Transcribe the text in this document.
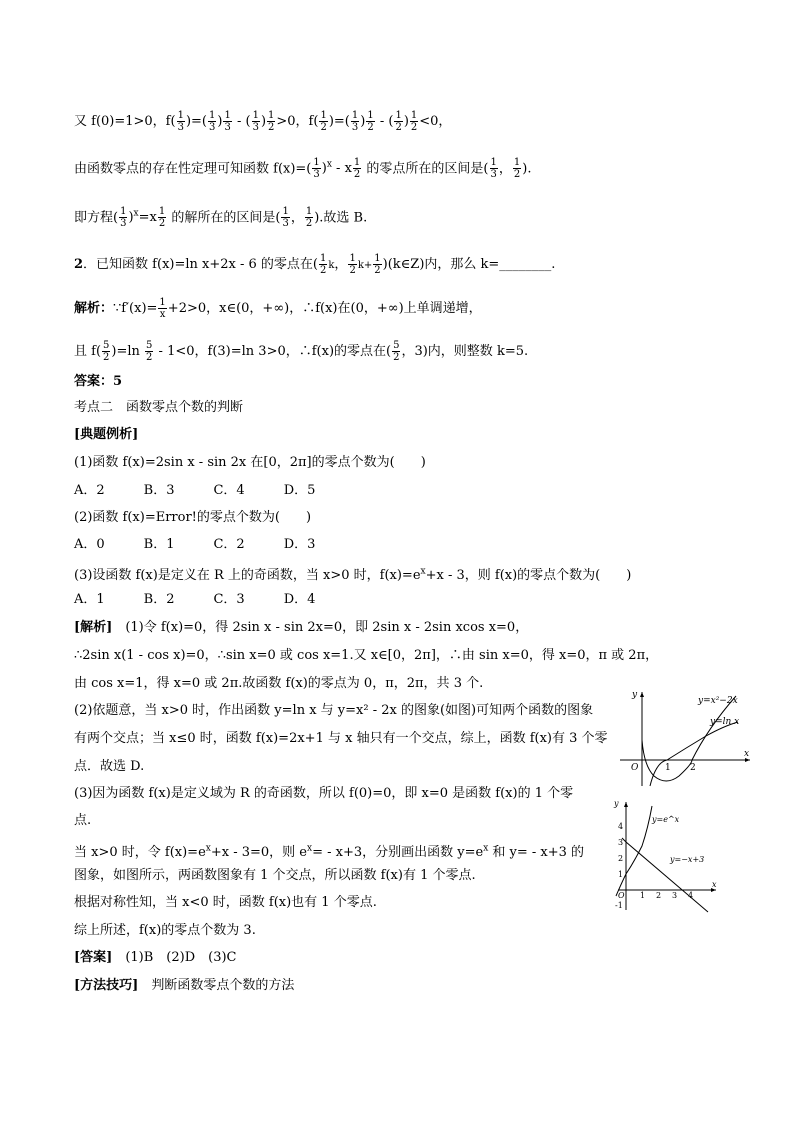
又 f(0)=1>0，$f( \frac{1}{3}$ )=( $\frac{1}{3}$ ) $^{\frac{1}{3}}$ - ( $\frac{1}{3}$ ) $^{\frac{1}{2}}$ >0，$f( \frac{1}{2}$ )=( $\frac{1}{3}$ ) $^{\frac{1}{2}}$ - ( $\frac{1}{2}$ ) $^{\frac{1}{2}}$ <0，
由函数零点的存在性定理可知函数 $f(x)=( \frac{1}{3} )^x - x$ $^{\frac{1}{2}}$ 的零点所在的区间是( $\frac{1}{3}$ ， $\frac{1}{2}$ ).
即方程( $\frac{1}{3} )^x=x$ $^{\frac{1}{2}}$ 的解所在的区间是( $\frac{1}{3}$ ， $\frac{1}{2}$ ).故选 B.
2．已知函数 f(x)=ln x+2x - 6 的零点在( $\frac{1}{2}$ k， $\frac{1}{2} k+ \frac{1}{2}$ )(k∈Z)内，那么 k=________.
解析：∵f′(x)= $\frac{1}{x} +2>0$，x∈(0，+∞)，∴f(x)在(0，+∞)上单调递增，
且 $f( \frac{5}{2} )=\ln \frac{5}{2} - 1<0$，f(3)=ln 3>0，∴f(x)的零点在( $\frac{5}{2}$ ，3)内，则整数 k=5.
答案：5
考点二　函数零点个数的判断
[典题例析]
(1)函数 f(x)=2sin x - sin 2x 在[0，2π]的零点个数为(　　)
A．2　　　B．3　　　C．4　　　D．5
(2)函数 f(x)=Error!的零点个数为(　　)
A．0　　　B．1　　　C．2　　　D．3
(3)设函数 f(x)是定义在 R 上的奇函数，当 x>0 时，$f(x)=e^x+x - 3$，则 f(x)的零点个数为(　　)
A．1　　　B．2　　　C．3　　　D．4
[解析]　(1)令 f(x)=0，得 2sin x - sin 2x=0，即 2sin x - 2sin xcos x=0，
∴2sin x(1 - cos x)=0，∴sin x=0 或 cos x=1.又 x∈[0，2π]，∴由 sin x=0，得 x=0，π 或 2π，
由 cos x=1，得 x=0 或 2π.故函数 f(x)的零点为 0，π，2π，共 3 个.
(2)依题意，当 x>0 时，作出函数 y=ln x 与 y=x² - 2x 的图象(如图)可知两个函数的图象
有两个交点；当 x≤0 时，函数 f(x)=2x+1 与 x 轴只有一个交点，综上，函数 f(x)有 3 个零
点．故选 D.
(3)因为函数 f(x)是定义域为 R 的奇函数，所以 f(0)=0，即 x=0 是函数 f(x)的 1 个零
点.
当 x>0 时，令 $f(x)=e^x+x - 3=0$，则 $e^x= - x+3$，分别画出函数 $y=e^x$ 和 y= - x+3 的
图象，如图所示，两函数图象有 1 个交点，所以函数 f(x)有 1 个零点.
根据对称性知，当 x<0 时，函数 f(x)也有 1 个零点.
综上所述，f(x)的零点个数为 3.
[答案]　(1)B　(2)D　(3)C
[方法技巧]　判断函数零点个数的方法
y
x
O	1 2
y=x²−2x
y=ln x
y
x
O
4
3
2
1
-1
1 2 3 4
y=e^x
y=−x+3
